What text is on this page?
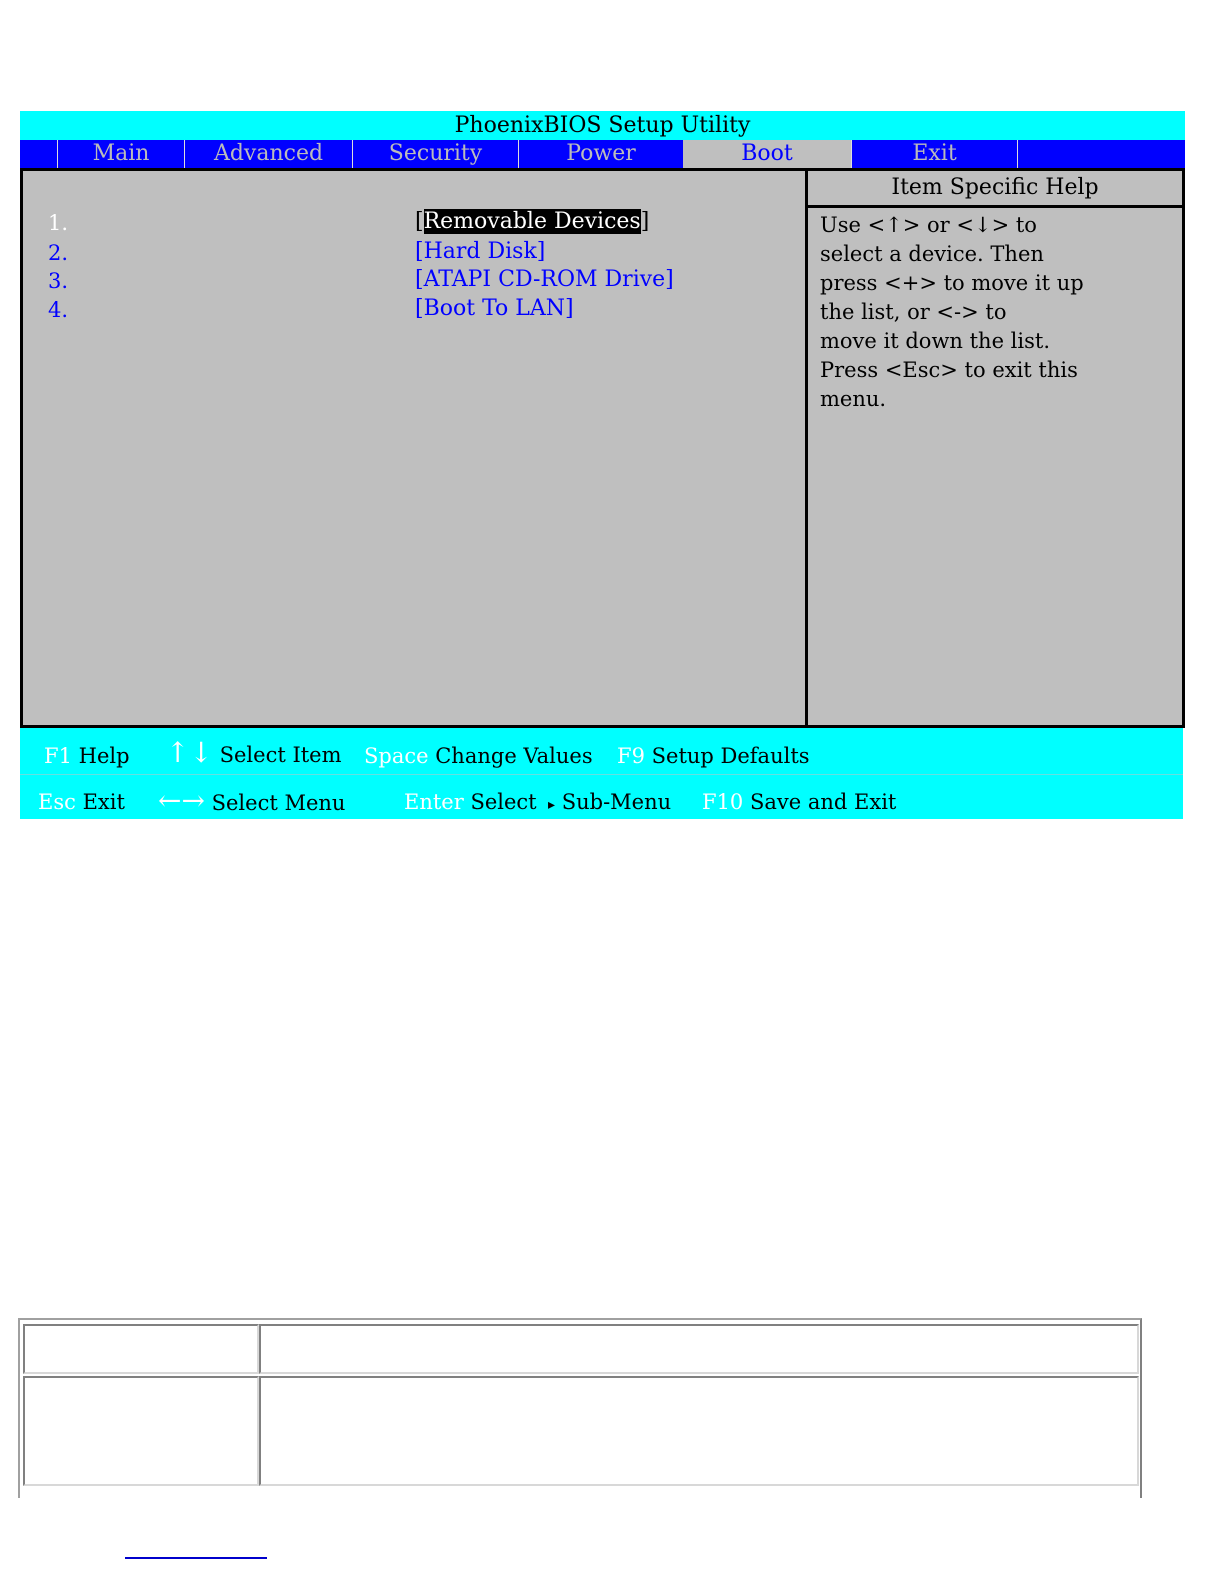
PhoenixBIOS Setup Utility
Main	Advanced	Security	Power	Boot	Exit
1.	[Removable Devices]
2.	[Hard Disk]
3.	[ATAPI CD-ROM Drive]
4.	[Boot To LAN]
Item Specific Help
Use <↑> or <↓> to
select a device. Then
press <+> to move it up
the list, or <-> to
move it down the list.
Press <Esc> to exit this
menu.
F1 Help ↑↓ Select Item Space Change Values F9 Setup Defaults
Esc Exit ←→ Select Menu	Enter Select ▸ Sub-Menu F10 Save and Exit
